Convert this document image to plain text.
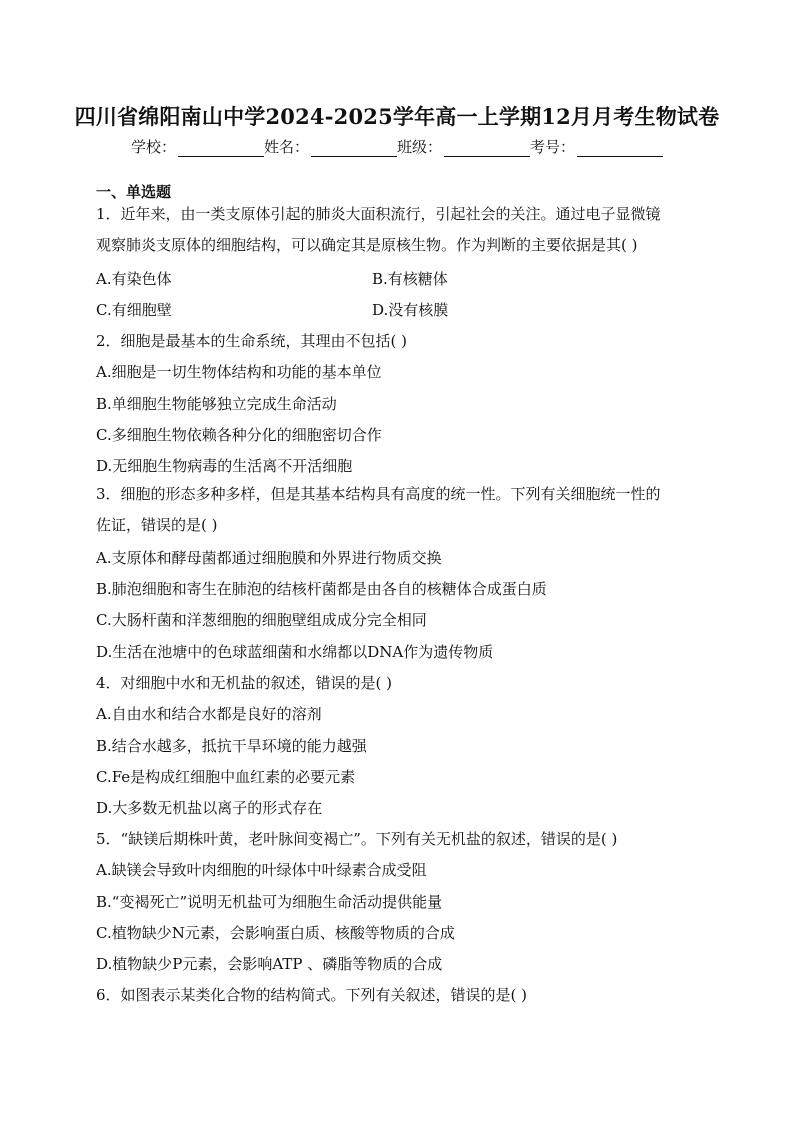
四川省绵阳南山中学2024-2025学年高一上学期12月月考生物试卷
学校：	姓名：	班级：	考号：
一、单选题
1．近年来，由一类支原体引起的肺炎大面积流行，引起社会的关注。通过电子显微镜
观察肺炎支原体的细胞结构，可以确定其是原核生物。作为判断的主要依据是其( )
A.有染色体	B.有核糖体
C.有细胞壁	D.没有核膜
2．细胞是最基本的生命系统，其理由不包括( )
A.细胞是一切生物体结构和功能的基本单位
B.单细胞生物能够独立完成生命活动
C.多细胞生物依赖各种分化的细胞密切合作
D.无细胞生物病毒的生活离不开活细胞
3．细胞的形态多种多样，但是其基本结构具有高度的统一性。下列有关细胞统一性的
佐证，错误的是( )
A.支原体和酵母菌都通过细胞膜和外界进行物质交换
B.肺泡细胞和寄生在肺泡的结核杆菌都是由各自的核糖体合成蛋白质
C.大肠杆菌和洋葱细胞的细胞壁组成成分完全相同
D.生活在池塘中的色球蓝细菌和水绵都以DNA作为遗传物质
4．对细胞中水和无机盐的叙述，错误的是( )
A.自由水和结合水都是良好的溶剂
B.结合水越多，抵抗干旱环境的能力越强
C.Fe是构成红细胞中血红素的必要元素
D.大多数无机盐以离子的形式存在
5．“缺镁后期株叶黄，老叶脉间变褐亡”。下列有关无机盐的叙述，错误的是( )
A.缺镁会导致叶肉细胞的叶绿体中叶绿素合成受阻
B.“变褐死亡”说明无机盐可为细胞生命活动提供能量
C.植物缺少N元素，会影响蛋白质、核酸等物质的合成
D.植物缺少P元素，会影响ATP 、磷脂等物质的合成
6．如图表示某类化合物的结构简式。下列有关叙述，错误的是( )
